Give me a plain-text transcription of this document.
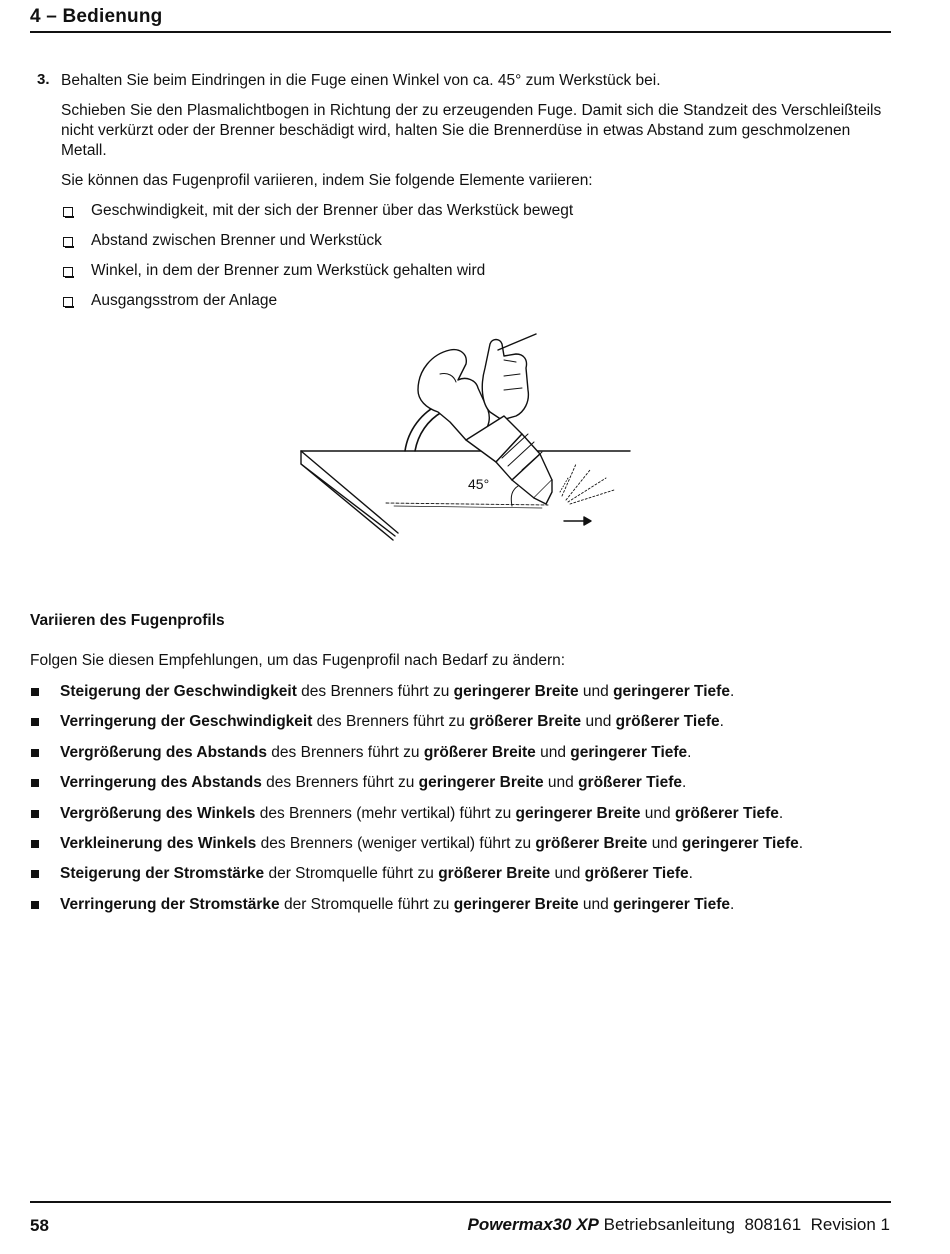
4 – Bedienung
3. Behalten Sie beim Eindringen in die Fuge einen Winkel von ca. 45° zum Werkstück bei.

Schieben Sie den Plasmalichtbogen in Richtung der zu erzeugenden Fuge. Damit sich die Standzeit des Verschleißteils nicht verkürzt oder der Brenner beschädigt wird, halten Sie die Brennerdüse in etwas Abstand zum geschmolzenen Metall.

Sie können das Fugenprofil variieren, indem Sie folgende Elemente variieren:

Geschwindigkeit, mit der sich der Brenner über das Werkstück bewegt
Abstand zwischen Brenner und Werkstück
Winkel, in dem der Brenner zum Werkstück gehalten wird
Ausgangsstrom der Anlage
45°
Variieren des Fugenprofils
Folgen Sie diesen Empfehlungen, um das Fugenprofil nach Bedarf zu ändern:
Steigerung der Geschwindigkeit des Brenners führt zu geringerer Breite und geringerer Tiefe.
Verringerung der Geschwindigkeit des Brenners führt zu größerer Breite und größerer Tiefe.
Vergrößerung des Abstands des Brenners führt zu größerer Breite und geringerer Tiefe.
Verringerung des Abstands des Brenners führt zu geringerer Breite und größerer Tiefe.
Vergrößerung des Winkels des Brenners (mehr vertikal) führt zu geringerer Breite und größerer Tiefe.
Verkleinerung des Winkels des Brenners (weniger vertikal) führt zu größerer Breite und geringerer Tiefe.
Steigerung der Stromstärke der Stromquelle führt zu größerer Breite und größerer Tiefe.
Verringerung der Stromstärke der Stromquelle führt zu geringerer Breite und geringerer Tiefe.
58	Powermax30 XP Betriebsanleitung  808161  Revision 1
